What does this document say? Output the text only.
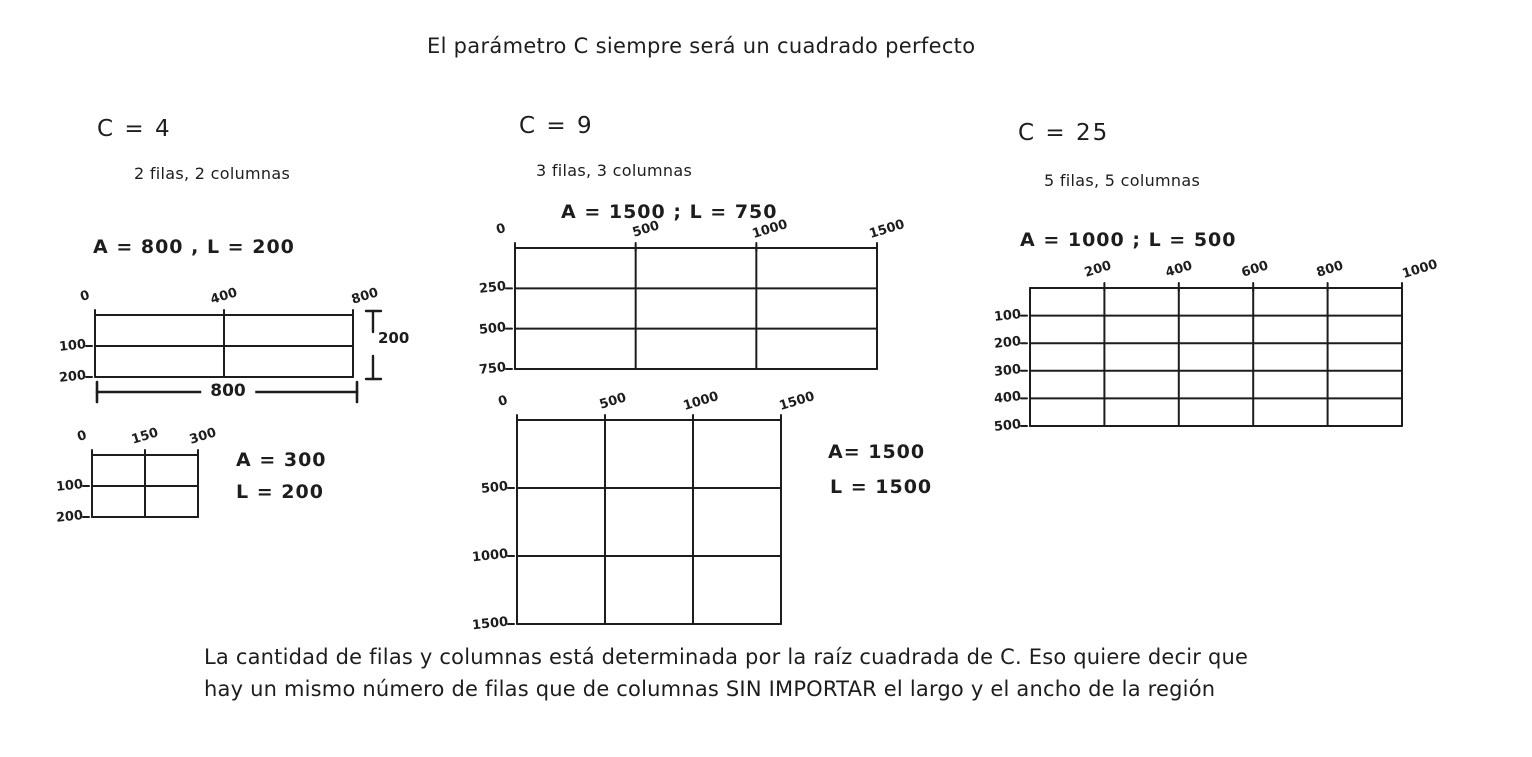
El parámetro C siempre será un cuadrado perfecto
C = 4
2 filas, 2 columnas
A = 800 , L = 200
0	400	800
100
200
200
800
0	150 300
100
200
A = 300
L = 200
C = 9
3 filas, 3 columnas
A = 1500 ; L = 750
0	500	1000	1500
250
500
750
0	500	1000	1500
500
1000
1500
A= 1500
L = 1500
C = 25
5 filas, 5 columnas
A = 1000 ; L = 500
200	400	600	800	1000
100
200
300
400
500
La cantidad de filas y columnas está determinada por la raíz cuadrada de C. Eso quiere decir que
hay un mismo número de filas que de columnas SIN IMPORTAR el largo y el ancho de la región
